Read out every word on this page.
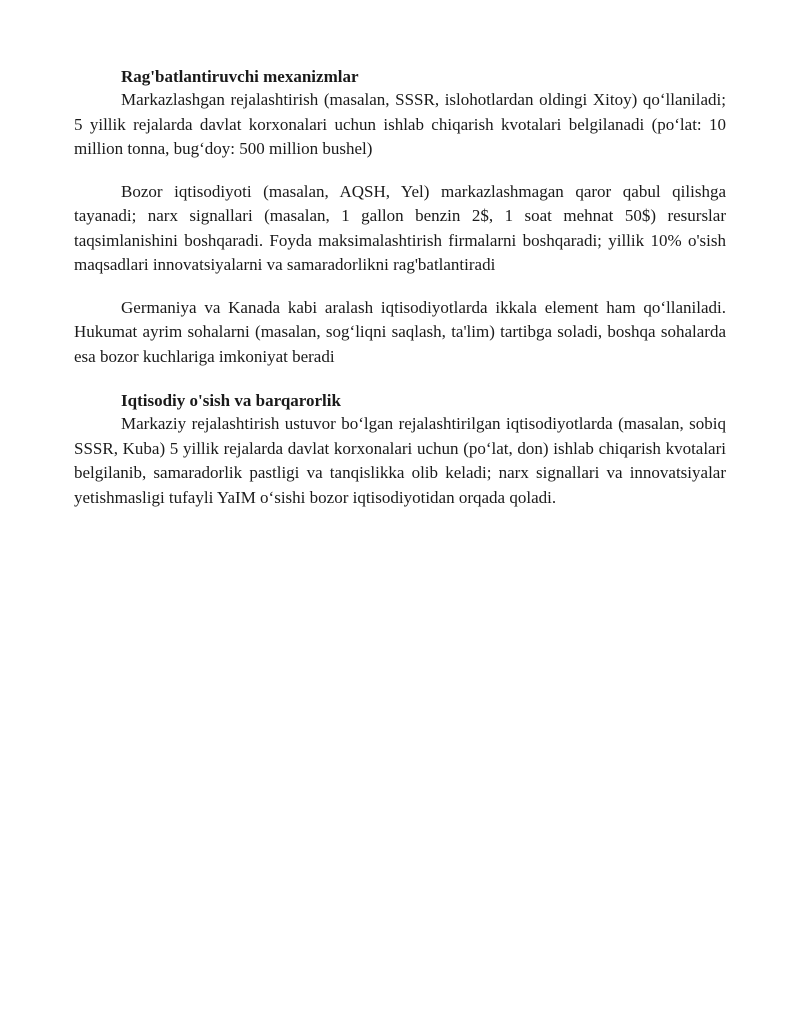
Rag'batlantiruvchi mexanizmlar

Markazlashgan rejalashtirish (masalan, SSSR, islohotlardan oldingi Xitoy) qo‘llaniladi; 5 yillik rejalarda davlat korxonalari uchun ishlab chiqarish kvotalari belgilanadi (po‘lat: 10 million tonna, bug‘doy: 500 million bushel)

Bozor iqtisodiyoti (masalan, AQSH, Yel) markazlashmagan qaror qabul qilishga tayanadi; narx signallari (masalan, 1 gallon benzin 2$, 1 soat mehnat 50$) resurslar taqsimlanishini boshqaradi. Foyda maksimalashtirish firmalarni boshqaradi; yillik 10% o'sish maqsadlari innovatsiyalarni va samaradorlikni rag'batlantiradi

Germaniya va Kanada kabi aralash iqtisodiyotlarda ikkala element ham qo‘llaniladi. Hukumat ayrim sohalarni (masalan, sog‘liqni saqlash, ta'lim) tartibga soladi, boshqa sohalarda esa bozor kuchlariga imkoniyat beradi

Iqtisodiy o'sish va barqarorlik

Markaziy rejalashtirish ustuvor bo‘lgan rejalashtirilgan iqtisodiyotlarda (masalan, sobiq SSSR, Kuba) 5 yillik rejalarda davlat korxonalari uchun (po‘lat, don) ishlab chiqarish kvotalari belgilanib, samaradorlik pastligi va tanqislikka olib keladi; narx signallari va innovatsiyalar yetishmasligi tufayli YaIM o‘sishi bozor iqtisodiyotidan orqada qoladi.
